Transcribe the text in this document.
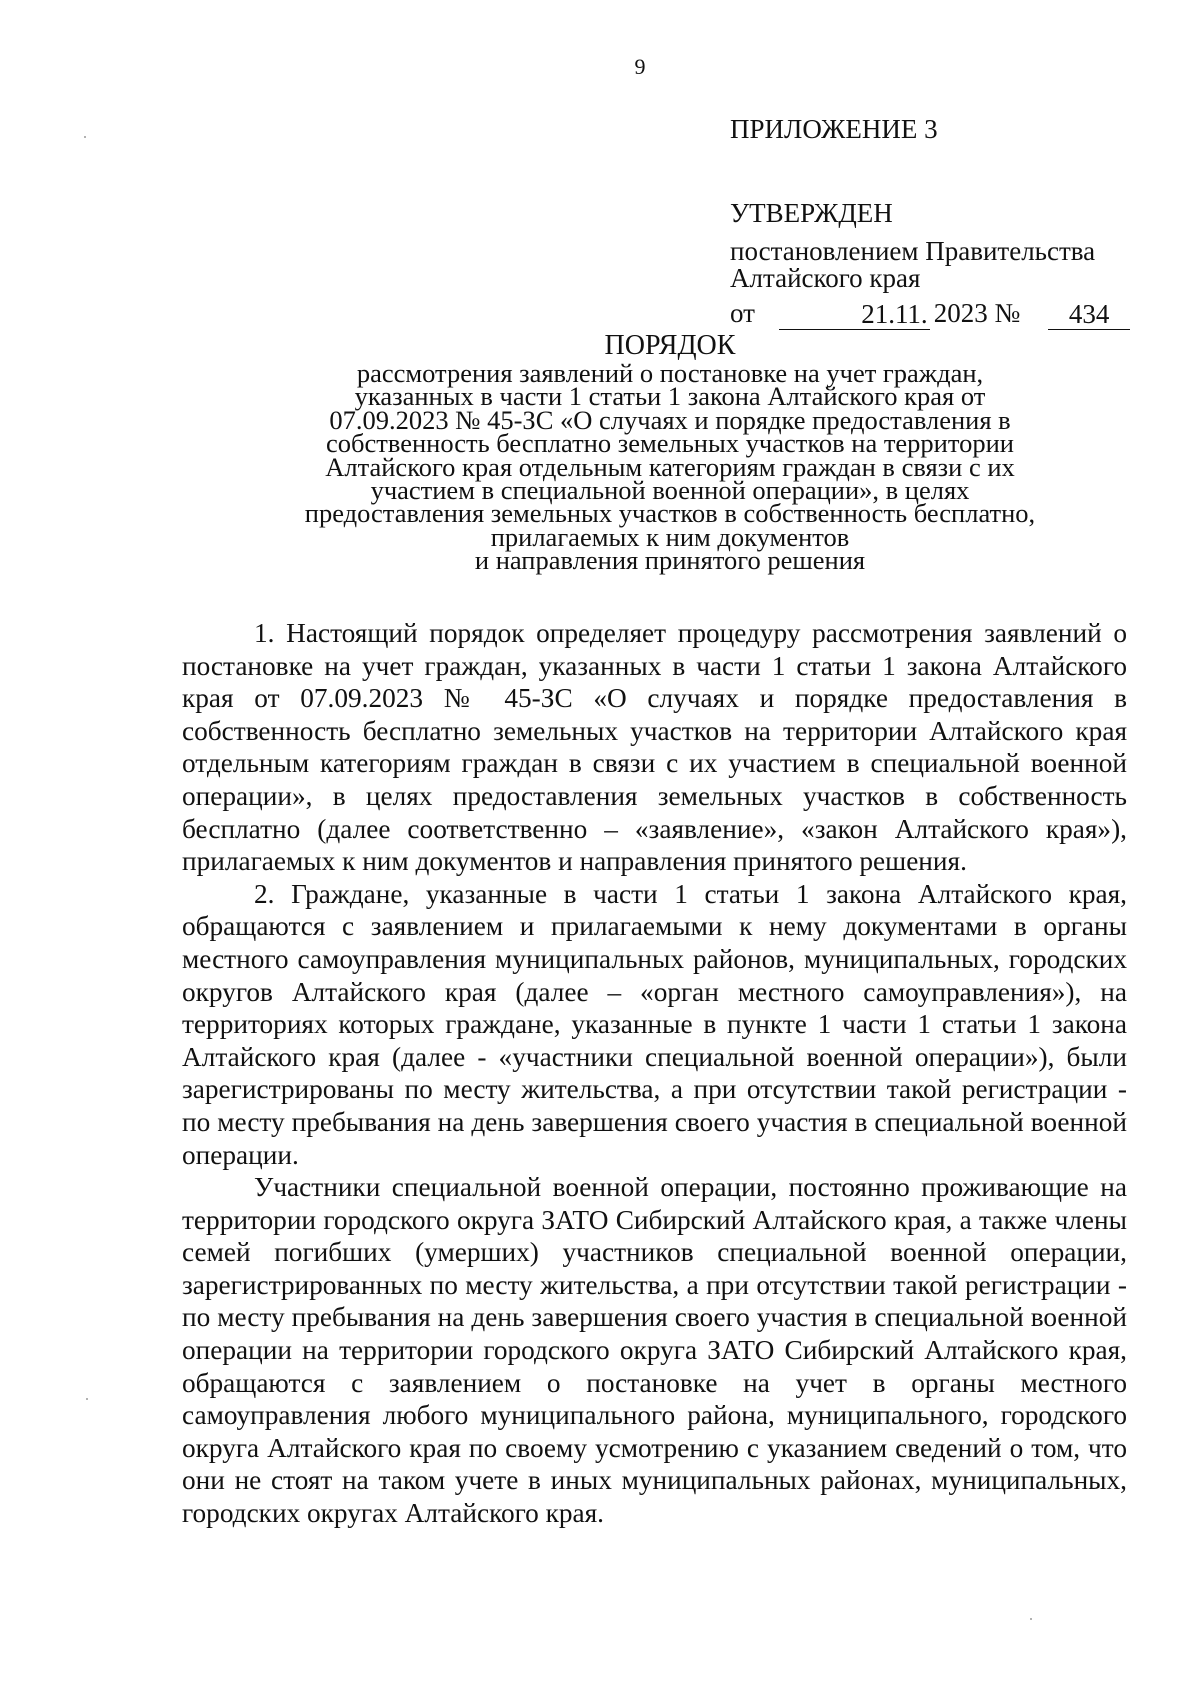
9

ПРИЛОЖЕНИЕ 3

УТВЕРЖДЕН

постановлением Правительства
Алтайского края
от	21.11. 2023 №	434

ПОРЯДОК

рассмотрения заявлений о постановке на учет граждан,
указанных в части 1 статьи 1 закона Алтайского края от
07.09.2023 № 45-ЗС «О случаях и порядке предоставления в
собственность бесплатно земельных участков на территории
Алтайского края отдельным категориям граждан в связи с их
участием в специальной военной операции», в целях
предоставления земельных участков в собственность бесплатно,
прилагаемых к ним документов
и направления принятого решения

1. Настоящий порядок определяет процедуру рассмотрения заявлений о постановке на учет граждан, указанных в части 1 статьи 1 закона Алтайского края от 07.09.2023 № 45-ЗС «О случаях и порядке предоставления в собственность бесплатно земельных участков на территории Алтайского края отдельным категориям граждан в связи с их участием в специальной военной операции», в целях предоставления земельных участков в собственность бесплатно (далее соответственно – «заявление», «закон Алтайского края»), прилагаемых к ним документов и направления принятого решения.

2. Граждане, указанные в части 1 статьи 1 закона Алтайского края, обращаются с заявлением и прилагаемыми к нему документами в органы местного самоуправления муниципальных районов, муниципальных, городских округов Алтайского края (далее – «орган местного самоуправления»), на территориях которых граждане, указанные в пункте 1 части 1 статьи 1 закона Алтайского края (далее - «участники специальной военной операции»), были зарегистрированы по месту жительства, а при отсутствии такой регистрации - по месту пребывания на день завершения своего участия в специальной военной операции.

Участники специальной военной операции, постоянно проживающие на территории городского округа ЗАТО Сибирский Алтайского края, а также члены семей погибших (умерших) участников специальной военной операции, зарегистрированных по месту жительства, а при отсутствии такой регистрации - по месту пребывания на день завершения своего участия в специальной военной операции на территории городского округа ЗАТО Сибирский Алтайского края, обращаются с заявлением о постановке на учет в органы местного самоуправления любого муниципального района, муниципального, городского округа Алтайского края по своему усмотрению с указанием сведений о том, что они не стоят на таком учете в иных муниципальных районах, муниципальных, городских округах Алтайского края.
